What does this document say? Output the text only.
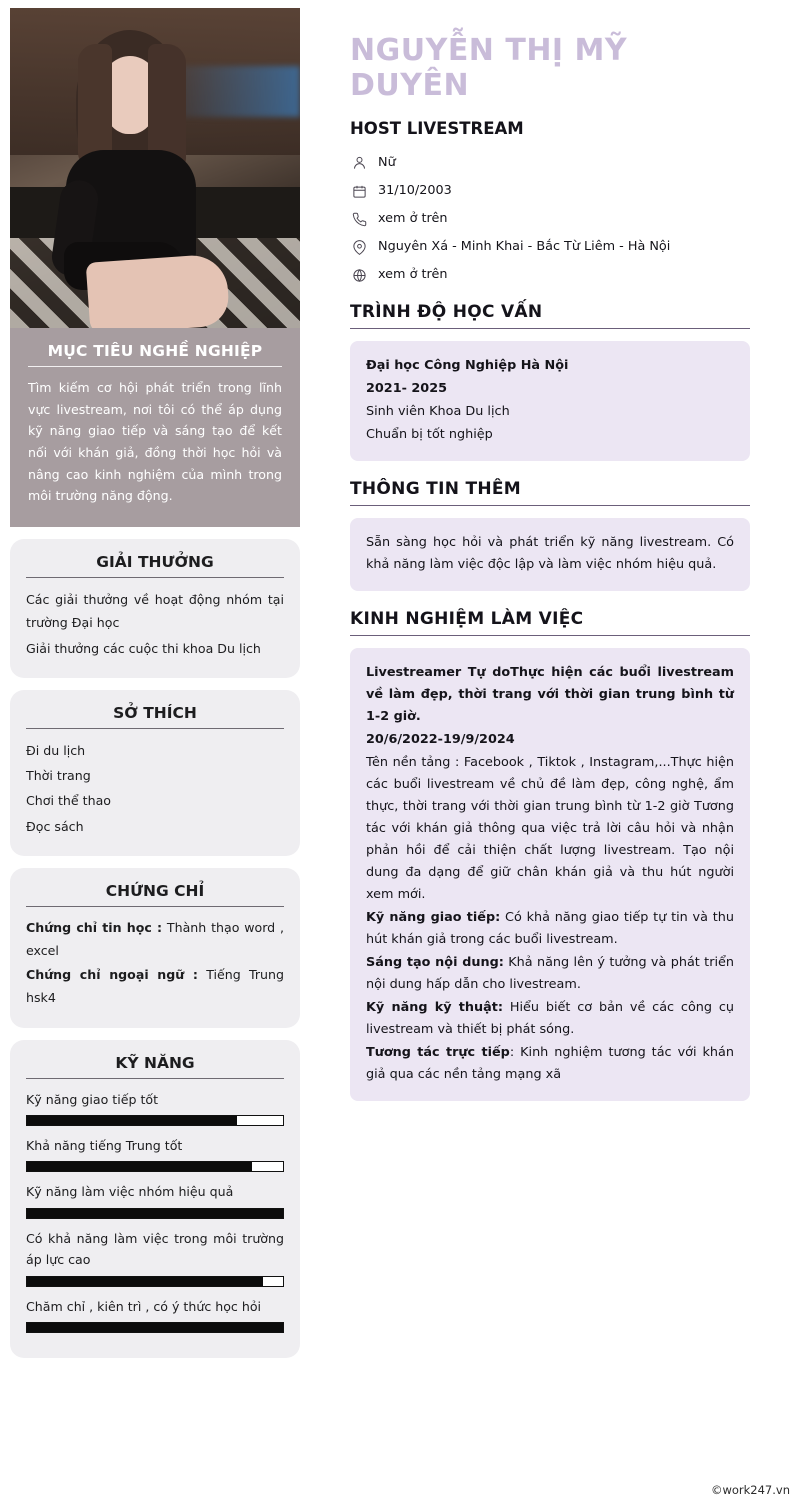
MỤC TIÊU NGHỀ NGHIỆP
Tìm kiếm cơ hội phát triển trong lĩnh vực livestream, nơi tôi có thể áp dụng kỹ năng giao tiếp và sáng tạo để kết nối với khán giả, đồng thời học hỏi và nâng cao kinh nghiệm của mình trong môi trường năng động.
GIẢI THƯỞNG

Các giải thưởng về hoạt động nhóm tại trường Đại học

Giải thưởng các cuộc thi khoa Du lịch

SỞ THÍCH

Đi du lịch

Thời trang

Chơi thể thao

Đọc sách

CHỨNG CHỈ

Chứng chỉ tin học : Thành thạo word , excel

Chứng chỉ ngoại ngữ : Tiếng Trung hsk4

KỸ NĂNG
Kỹ năng giao tiếp tốt
Khả năng tiếng Trung tốt
Kỹ năng làm việc nhóm hiệu quả
Có khả năng làm việc trong môi trường áp lực cao
Chăm chỉ , kiên trì , có ý thức học hỏi
NGUYỄN THỊ MỸ DUYÊN
HOST LIVESTREAM
Nữ
31/10/2003
xem ở trên
Nguyên Xá - Minh Khai - Bắc Từ Liêm - Hà Nội
xem ở trên
TRÌNH ĐỘ HỌC VẤN

Đại học Công Nghiệp Hà Nội

2021- 2025

Sinh viên Khoa Du lịch

Chuẩn bị tốt nghiệp

THÔNG TIN THÊM

Sẵn sàng học hỏi và phát triển kỹ năng livestream. Có khả năng làm việc độc lập và làm việc nhóm hiệu quả.

KINH NGHIỆM LÀM VIỆC

Livestreamer Tự doThực hiện các buổi livestream về làm đẹp, thời trang với thời gian trung bình từ 1-2 giờ.

20/6/2022-19/9/2024

Tên nền tảng : Facebook , Tiktok , Instagram,...Thực hiện các buổi livestream về chủ đề làm đẹp, công nghệ, ẩm thực, thời trang với thời gian trung bình từ 1-2 giờ Tương tác với khán giả thông qua việc trả lời câu hỏi và nhận phản hồi để cải thiện chất lượng livestream. Tạo nội dung đa dạng để giữ chân khán giả và thu hút người xem mới.

Kỹ năng giao tiếp: Có khả năng giao tiếp tự tin và thu hút khán giả trong các buổi livestream.

Sáng tạo nội dung: Khả năng lên ý tưởng và phát triển nội dung hấp dẫn cho livestream.

Kỹ năng kỹ thuật: Hiểu biết cơ bản về các công cụ livestream và thiết bị phát sóng.

Tương tác trực tiếp: Kinh nghiệm tương tác với khán giả qua các nền tảng mạng xã

©work247.vn
